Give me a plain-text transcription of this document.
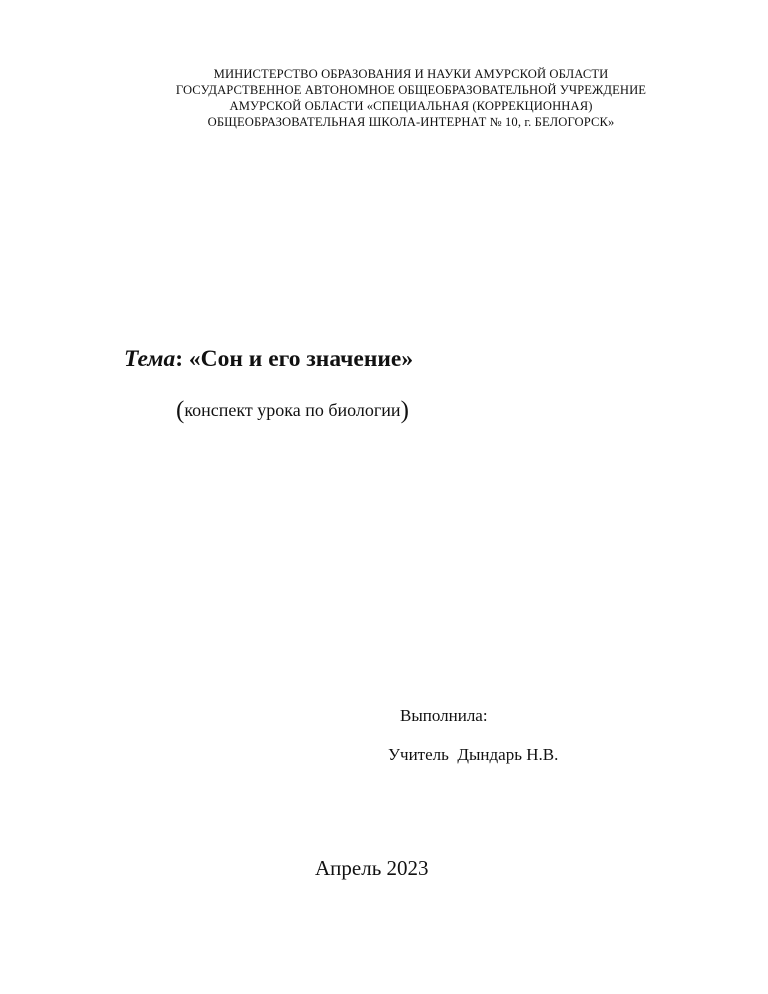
МИНИСТЕРСТВО ОБРАЗОВАНИЯ И НАУКИ АМУРСКОЙ ОБЛАСТИ
ГОСУДАРСТВЕННОЕ АВТОНОМНОЕ ОБЩЕОБРАЗОВАТЕЛЬНОЙ УЧРЕЖДЕНИЕ
АМУРСКОЙ ОБЛАСТИ «СПЕЦИАЛЬНАЯ (КОРРЕКЦИОННАЯ)
ОБЩЕОБРАЗОВАТЕЛЬНАЯ ШКОЛА-ИНТЕРНАТ № 10, г. БЕЛОГОРСК»
Тема: «Сон и его значение»
(конспект урока по биологии)
Выполнила:
Учитель  Дындарь Н.В.
Апрель 2023
